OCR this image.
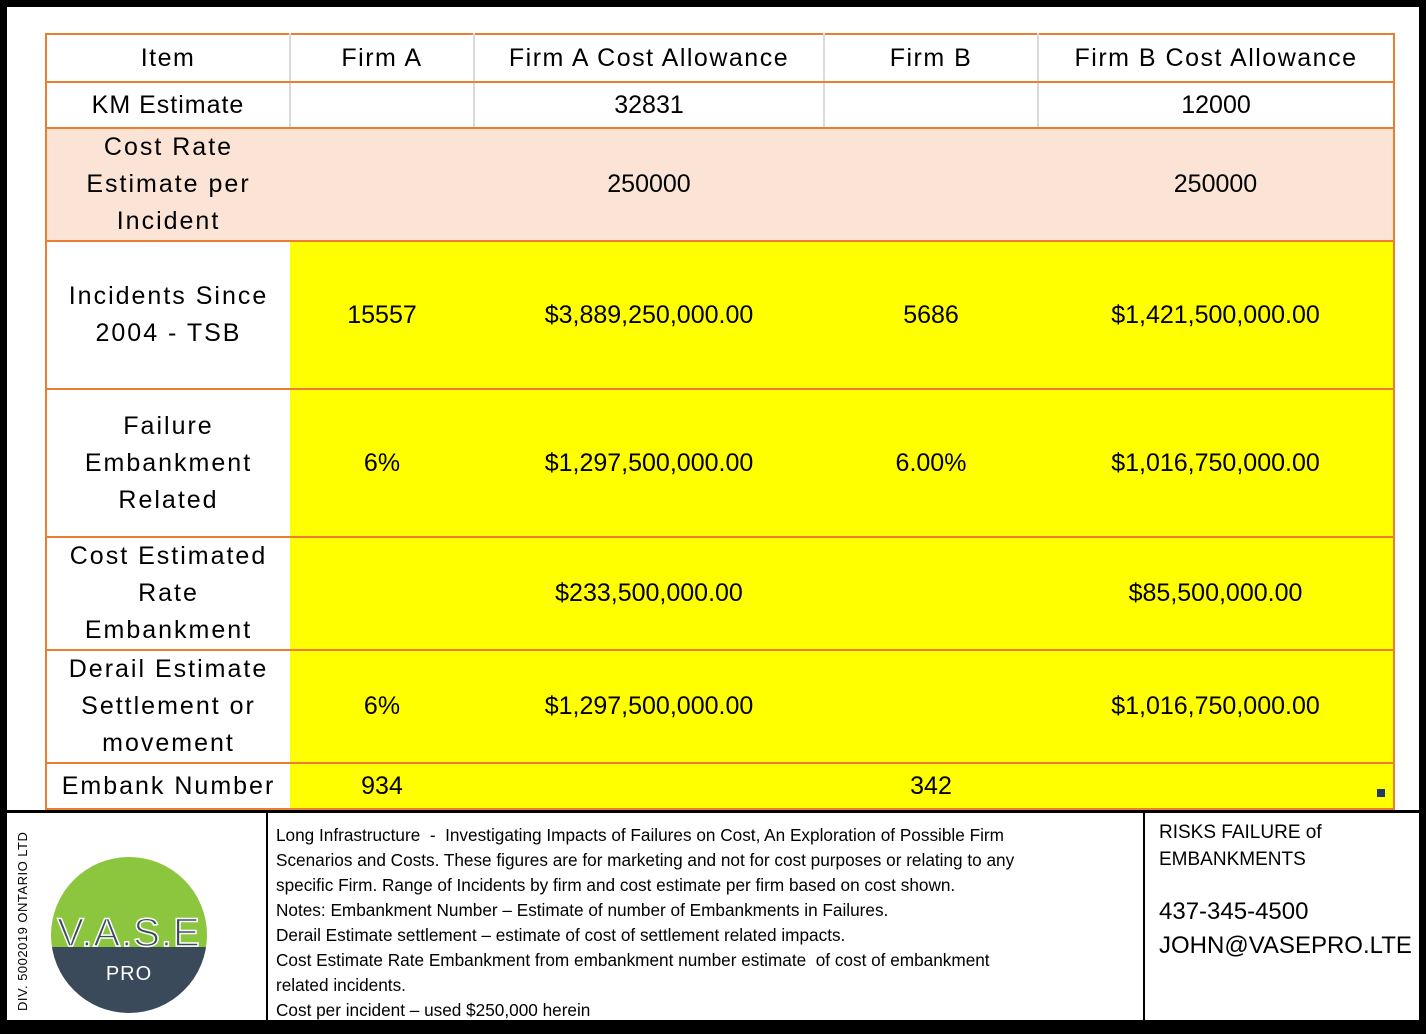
Item	Firm A	Firm A Cost Allowance	Firm B	Firm B Cost Allowance
KM Estimate		32831		12000
Cost Rate Estimate per Incident		250000		250000
Incidents Since 2004 - TSB	15557	$3,889,250,000.00	5686	$1,421,500,000.00
Failure Embankment Related	6%	$1,297,500,000.00	6.00%	$1,016,750,000.00
Cost Estimated Rate Embankment		$233,500,000.00		$85,500,000.00
Derail Estimate Settlement or movement	6%	$1,297,500,000.00		$1,016,750,000.00
Embank Number	934		342	
DIV. 5002019 ONTARIO LTD V.A.S.E
PRO
Long Infrastructure  -  Investigating Impacts of Failures on Cost, An Exploration of Possible Firm
Scenarios and Costs. These figures are for marketing and not for cost purposes or relating to any
specific Firm. Range of Incidents by firm and cost estimate per firm based on cost shown.
Notes: Embankment Number – Estimate of number of Embankments in Failures.
Derail Estimate settlement – estimate of cost of settlement related impacts.
Cost Estimate Rate Embankment from embankment number estimate  of cost of embankment
related incidents.
Cost per incident – used $250,000 herein
RISKS FAILURE of
EMBANKMENTS
437-345-4500
JOHN@VASEPRO.LTE
